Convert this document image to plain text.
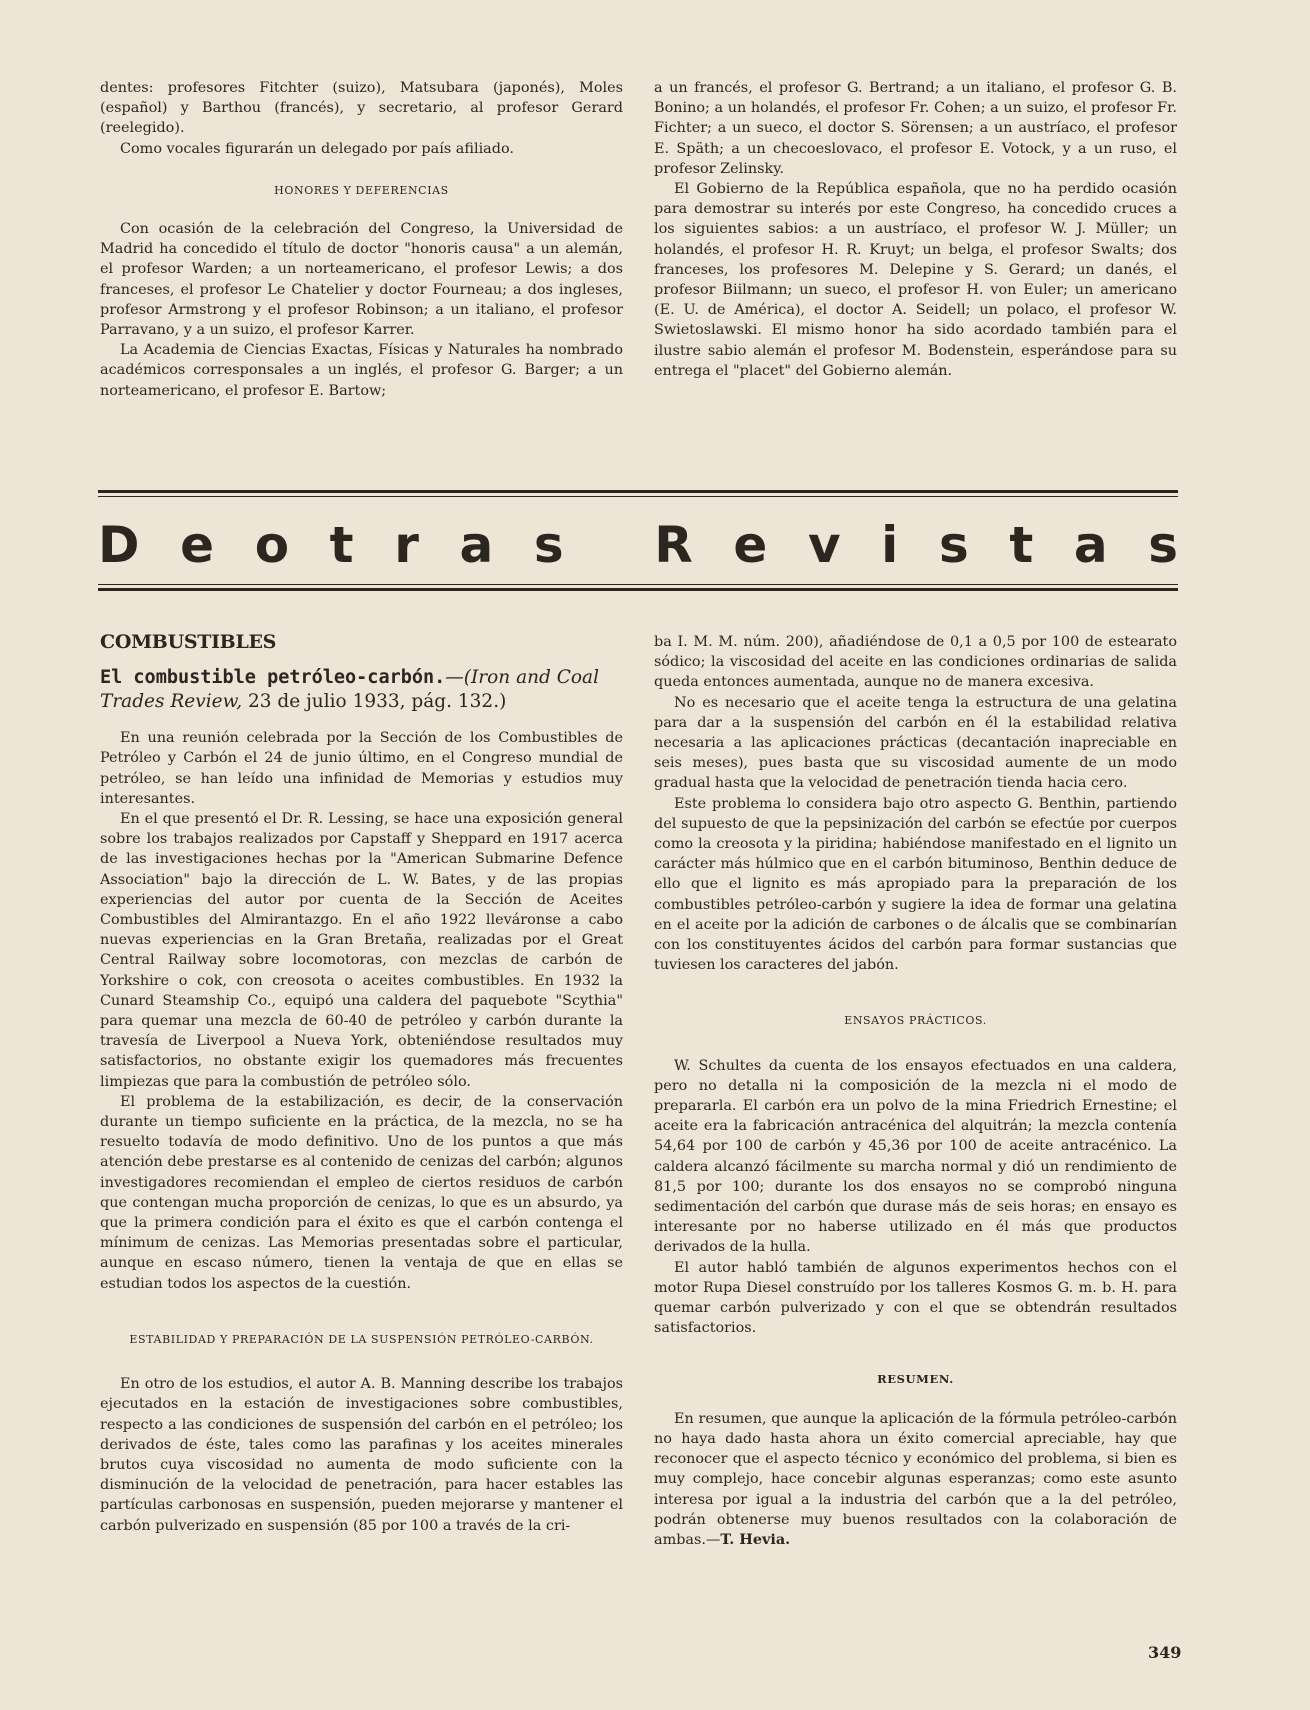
dentes: profesores Fitchter (suizo), Matsubara (japonés), Moles (español) y Barthou (francés), y secretario, al profesor Gerard (reelegido).

Como vocales figurarán un delegado por país afiliado.

HONORES Y DEFERENCIAS

Con ocasión de la celebración del Congreso, la Universidad de Madrid ha concedido el título de doctor "honoris causa" a un alemán, el profesor Warden; a un norteamericano, el profesor Lewis; a dos franceses, el profesor Le Chatelier y doctor Fourneau; a dos ingleses, profesor Armstrong y el profesor Robinson; a un italiano, el profesor Parravano, y a un suizo, el profesor Karrer.

La Academia de Ciencias Exactas, Físicas y Naturales ha nombrado académicos corresponsales a un inglés, el profesor G. Barger; a un norteamericano, el profesor E. Bartow;

a un francés, el profesor G. Bertrand; a un italiano, el profesor G. B. Bonino; a un holandés, el profesor Fr. Cohen; a un suizo, el profesor Fr. Fichter; a un sueco, el doctor S. Sörensen; a un austríaco, el profesor E. Späth; a un checoeslovaco, el profesor E. Votock, y a un ruso, el profesor Zelinsky.

El Gobierno de la República española, que no ha perdido ocasión para demostrar su interés por este Congreso, ha concedido cruces a los siguientes sabios: a un austríaco, el profesor W. J. Müller; un holandés, el profesor H. R. Kruyt; un belga, el profesor Swalts; dos franceses, los profesores M. Delepine y S. Gerard; un danés, el profesor Biilmann; un sueco, el profesor H. von Euler; un americano (E. U. de América), el doctor A. Seidell; un polaco, el profesor W. Swietoslawski. El mismo honor ha sido acordado también para el ilustre sabio alemán el profesor M. Bodenstein, esperándose para su entrega el "placet" del Gobierno alemán.

D e o t r a s R e v i s t a s
COMBUSTIBLES
El combustible petróleo-carbón.—(Iron and Coal Trades Review, 23 de julio 1933, pág. 132.)

En una reunión celebrada por la Sección de los Combustibles de Petróleo y Carbón el 24 de junio último, en el Congreso mundial de petróleo, se han leído una infinidad de Memorias y estudios muy interesantes.

En el que presentó el Dr. R. Lessing, se hace una exposición general sobre los trabajos realizados por Capstaff y Sheppard en 1917 acerca de las investigaciones hechas por la "American Submarine Defence Association" bajo la dirección de L. W. Bates, y de las propias experiencias del autor por cuenta de la Sección de Aceites Combustibles del Almirantazgo. En el año 1922 lleváronse a cabo nuevas experiencias en la Gran Bretaña, realizadas por el Great Central Railway sobre locomotoras, con mezclas de carbón de Yorkshire o cok, con creosota o aceites combustibles. En 1932 la Cunard Steamship Co., equipó una caldera del paquebote "Scythia" para quemar una mezcla de 60-40 de petróleo y carbón durante la travesía de Liverpool a Nueva York, obteniéndose resultados muy satisfactorios, no obstante exigir los quemadores más frecuentes limpiezas que para la combustión de petróleo sólo.

El problema de la estabilización, es decir, de la conservación durante un tiempo suficiente en la práctica, de la mezcla, no se ha resuelto todavía de modo definitivo. Uno de los puntos a que más atención debe prestarse es al contenido de cenizas del carbón; algunos investigadores recomiendan el empleo de ciertos residuos de carbón que contengan mucha proporción de cenizas, lo que es un absurdo, ya que la primera condición para el éxito es que el carbón contenga el mínimum de cenizas. Las Memorias presentadas sobre el particular, aunque en escaso número, tienen la ventaja de que en ellas se estudian todos los aspectos de la cuestión.

ESTABILIDAD Y PREPARACIÓN DE LA SUSPENSIÓN PETRÓLEO-CARBÓN.

En otro de los estudios, el autor A. B. Manning describe los trabajos ejecutados en la estación de investigaciones sobre combustibles, respecto a las condiciones de suspensión del carbón en el petróleo; los derivados de éste, tales como las parafinas y los aceites minerales brutos cuya viscosidad no aumenta de modo suficiente con la disminución de la velocidad de penetración, para hacer estables las partículas carbonosas en suspensión, pueden mejorarse y mantener el carbón pulverizado en suspensión (85 por 100 a través de la cri-

ba I. M. M. núm. 200), añadiéndose de 0,1 a 0,5 por 100 de estearato sódico; la viscosidad del aceite en las condiciones ordinarias de salida queda entonces aumentada, aunque no de manera excesiva.

No es necesario que el aceite tenga la estructura de una gelatina para dar a la suspensión del carbón en él la estabilidad relativa necesaria a las aplicaciones prácticas (decantación inapreciable en seis meses), pues basta que su viscosidad aumente de un modo gradual hasta que la velocidad de penetración tienda hacia cero.

Este problema lo considera bajo otro aspecto G. Benthin, partiendo del supuesto de que la pepsinización del carbón se efectúe por cuerpos como la creosota y la piridina; habiéndose manifestado en el lignito un carácter más húlmico que en el carbón bituminoso, Benthin deduce de ello que el lignito es más apropiado para la preparación de los combustibles petróleo-carbón y sugiere la idea de formar una gelatina en el aceite por la adición de carbones o de álcalis que se combinarían con los constituyentes ácidos del carbón para formar sustancias que tuviesen los caracteres del jabón.

ENSAYOS PRÁCTICOS.

W. Schultes da cuenta de los ensayos efectuados en una caldera, pero no detalla ni la composición de la mezcla ni el modo de prepararla. El carbón era un polvo de la mina Friedrich Ernestine; el aceite era la fabricación antracénica del alquitrán; la mezcla contenía 54,64 por 100 de carbón y 45,36 por 100 de aceite antracénico. La caldera alcanzó fácilmente su marcha normal y dió un rendimiento de 81,5 por 100; durante los dos ensayos no se comprobó ninguna sedimentación del carbón que durase más de seis horas; en ensayo es interesante por no haberse utilizado en él más que productos derivados de la hulla.

El autor habló también de algunos experimentos hechos con el motor Rupa Diesel construído por los talleres Kosmos G. m. b. H. para quemar carbón pulverizado y con el que se obtendrán resultados satisfactorios.

RESUMEN.

En resumen, que aunque la aplicación de la fórmula petróleo-carbón no haya dado hasta ahora un éxito comercial apreciable, hay que reconocer que el aspecto técnico y económico del problema, si bien es muy complejo, hace concebir algunas esperanzas; como este asunto interesa por igual a la industria del carbón que a la del petróleo, podrán obtenerse muy buenos resultados con la colaboración de ambas.—T. Hevia.

349
